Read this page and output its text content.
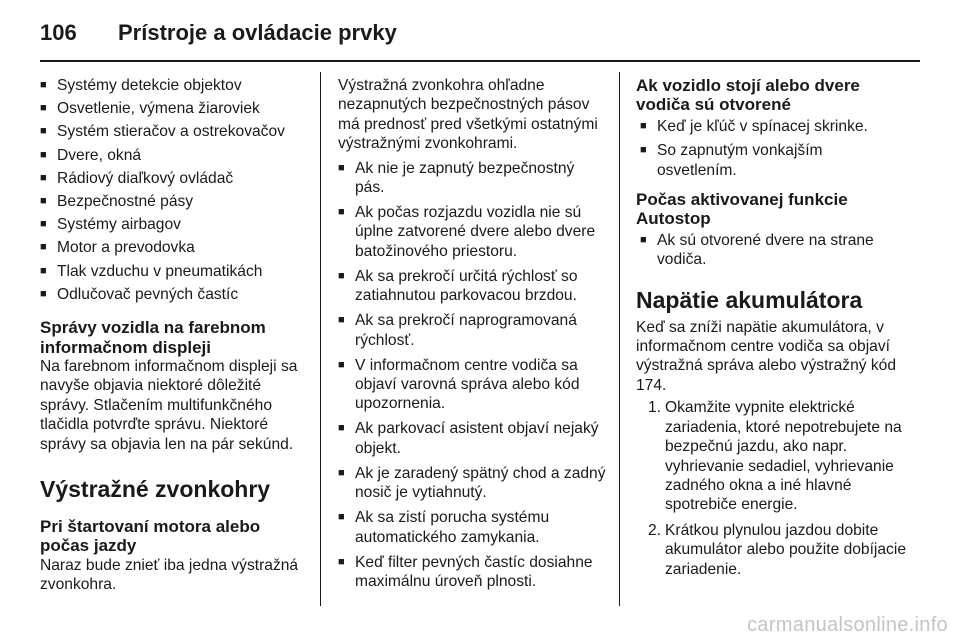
106 Prístroje a ovládacie prvky
■ Systémy detekcie objektov
■ Osvetlenie, výmena žiaroviek
■ Systém stieračov a ostrekovačov
■ Dvere, okná
■ Rádiový diaľkový ovládač
■ Bezpečnostné pásy
■ Systémy airbagov
■ Motor a prevodovka
■ Tlak vzduchu v pneumatikách
■ Odlučovač pevných častíc
Správy vozidla na farebnom informačnom displeji
Na farebnom informačnom displeji sa navyše objavia niektoré dôležité správy. Stlačením multifunkčného tlačidla potvrďte správu. Niektoré správy sa objavia len na pár sekúnd.
Výstražné zvonkohry
Pri štartovaní motora alebo počas jazdy
Naraz bude znieť iba jedna výstražná zvonkohra.
Výstražná zvonkohra ohľadne nezapnutých bezpečnostných pásov má prednosť pred všetkými ostatnými výstražnými zvonkohrami.
■ Ak nie je zapnutý bezpečnostný pás.
■ Ak počas rozjazdu vozidla nie sú úplne zatvorené dvere alebo dvere batožinového priestoru.
■ Ak sa prekročí určitá rýchlosť so zatiahnutou parkovacou brzdou.
■ Ak sa prekročí naprogramovaná rýchlosť.
■ V informačnom centre vodiča sa objaví varovná správa alebo kód upozornenia.
■ Ak parkovací asistent objaví nejaký objekt.
■ Ak je zaradený spätný chod a zadný nosič je vytiahnutý.
■ Ak sa zistí porucha systému automatického zamykania.
■ Keď filter pevných častíc dosiahne maximálnu úroveň plnosti.
Ak vozidlo stojí alebo dvere vodiča sú otvorené
■ Keď je kľúč v spínacej skrinke.
■ So zapnutým vonkajším osvetlením.
Počas aktivovanej funkcie Autostop
■ Ak sú otvorené dvere na strane vodiča.
Napätie akumulátora
Keď sa zníži napätie akumulátora, v informačnom centre vodiča sa objaví výstražná správa alebo výstražný kód 174.
1. Okamžite vypnite elektrické zariadenia, ktoré nepotrebujete na bezpečnú jazdu, ako napr. vyhrievanie sedadiel, vyhrievanie zadného okna a iné hlavné spotrebiče energie.
2. Krátkou plynulou jazdou dobite akumulátor alebo použite dobíjacie zariadenie.
carmanualsonline.info
